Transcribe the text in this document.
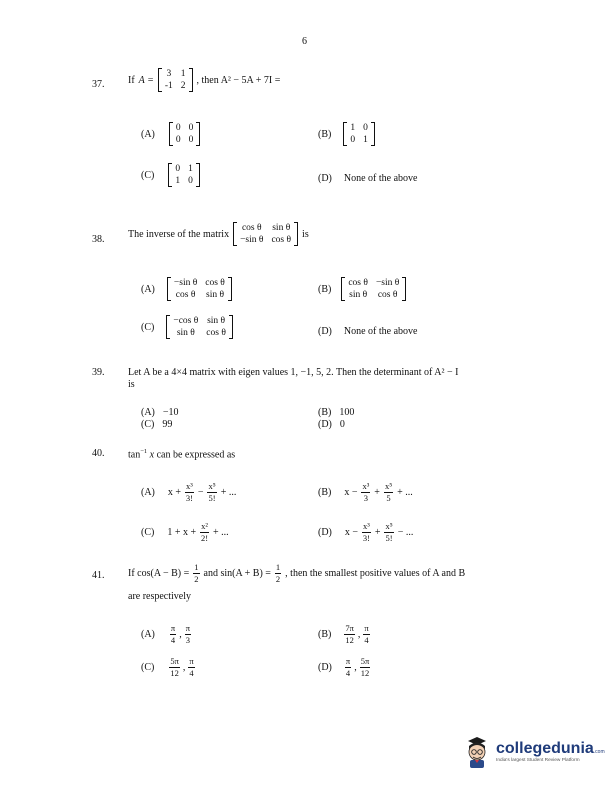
6
37. If A =
3 1
-1 2
, then A² − 5A + 7I =
(A)
0 0
0 0
(B)
1 0
0 1
(C)
0 1
1 0	(D) None of the above
38. The inverse of the matrix
cos θ sin θ
−sin θ cos θ
is
(A)
−sin θ cos θ
cos θ sin θ
(B)
cos θ −sin θ
sin θ cos θ
(C)
−cos θ sin θ
sin θ	cos θ	(D) None of the above
39. Let A be a 4×4 matrix with eigen values 1, −1, 5, 2. Then the determinant of A² − I
is
(A) −10	(B) 100
(C) 99	(D) 0
40. $\tan^{-1} x$ can be expressed as
(A) $x + \frac{\text{x³}}{3!} - \frac{\text{x⁵}}{5!}$ + ...	(B) $x - \frac{\text{x³}}{3} + \frac{\text{x⁵}}{5}$ + ...
(C) $1 + x + \frac{\text{x²}}{2!}$ + ...	(D) $x - \frac{\text{x³}}{3!} + \frac{\text{x⁵}}{5!}$ − ...
41. If $\cos(A - B) = \frac{1}{2}$ and $\sin(A + B) = \frac{1}{2}$ , then the smallest positive values of A and B
are respectively
$(A) \frac{\pi}{4}$ , $\frac{\pi}{3}$	$(B) \frac{7\pi}{12}$ , $\frac{\pi}{4}$
$(C) \frac{5\pi}{12}$ , $\frac{\pi}{4}$	$(D) \frac{\pi}{4}$ , $\frac{5\pi}{12}$
collegedunia .com
India's largest Student Review Platform
